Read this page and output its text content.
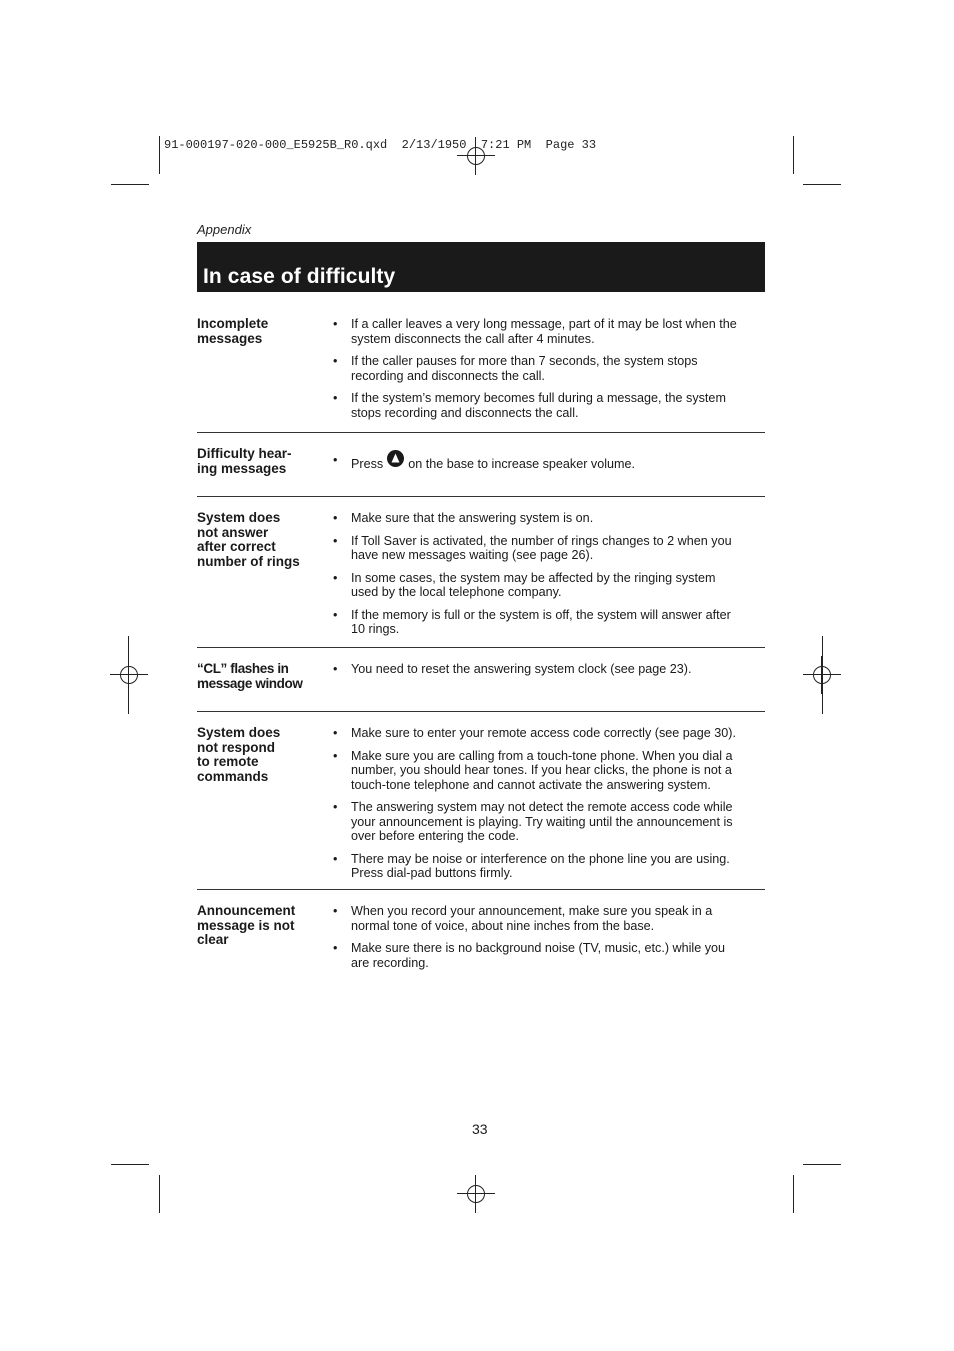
91-000197-020-000_E5925B_R0.qxd  2/13/1950  7:21 PM  Page 33
Appendix
In case of difficulty
Incomplete
messages
• If a caller leaves a very long message, part of it may be lost when the
system disconnects the call after 4 minutes.
• If the caller pauses for more than 7 seconds, the system stops
recording and disconnects the call.
• If the system’s memory becomes full during a message, the system
stops recording and disconnects the call.
Difficulty hear-
ing messages
•	Press on the base to increase speaker volume.
System does
not answer
after correct
number of rings
• Make sure that the answering system is on.
• If Toll Saver is activated, the number of rings changes to 2 when you
have new messages waiting (see page 26).
• In some cases, the system may be affected by the ringing system
used by the local telephone company.
• If the memory is full or the system is off, the system will answer after
10 rings.
“CL” flashes in
message window
• You need to reset the answering system clock (see page 23).
System does
not respond
to remote
commands
• Make sure to enter your remote access code correctly (see page 30).
• Make sure you are calling from a touch-tone phone. When you dial a
number, you should hear tones. If you hear clicks, the phone is not a
touch-tone telephone and cannot activate the answering system.
• The answering system may not detect the remote access code while
your announcement is playing. Try waiting until the announcement is
over before entering the code.
• There may be noise or interference on the phone line you are using.
Press dial-pad buttons firmly.
Announcement
message is not
clear
• When you record your announcement, make sure you speak in a
normal tone of voice, about nine inches from the base.
• Make sure there is no background noise (TV, music, etc.) while you
are recording.
33
